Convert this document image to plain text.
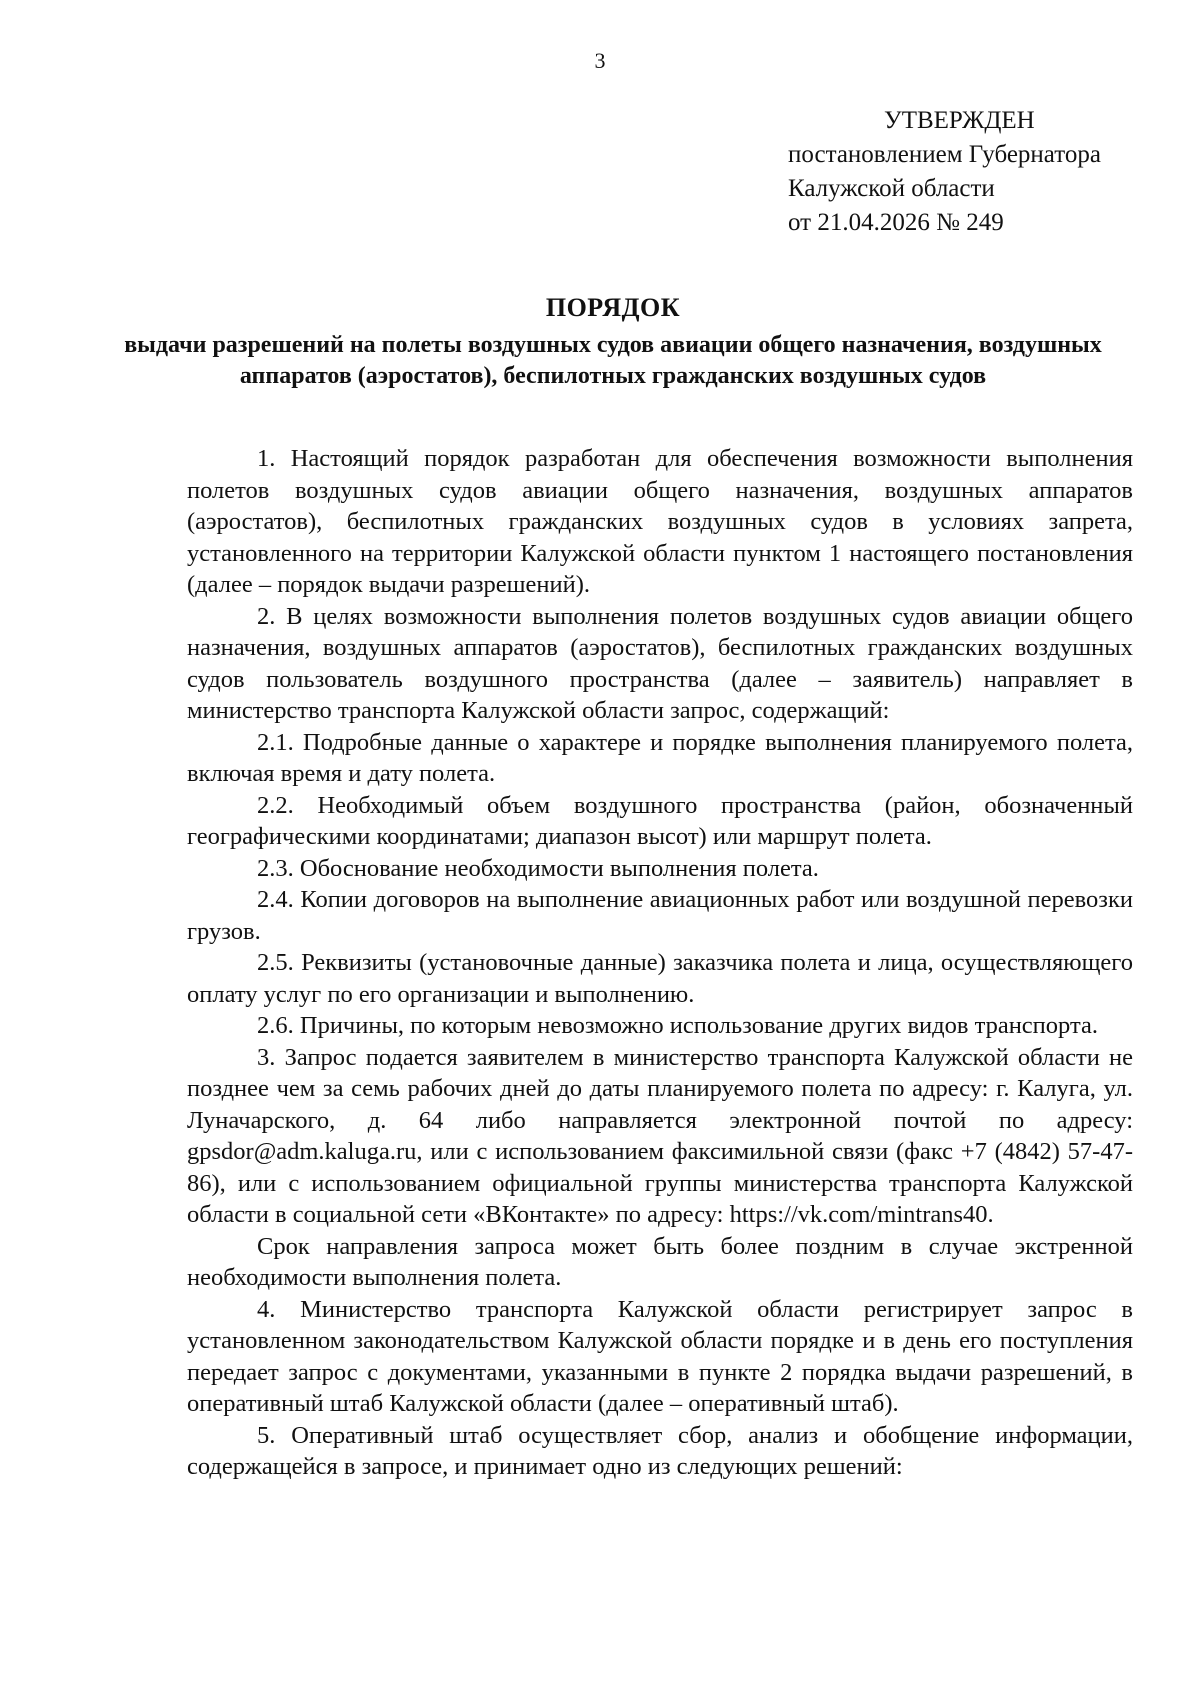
3
УТВЕРЖДЕН
постановлением Губернатора
Калужской области
от 21.04.2026 № 249
ПОРЯДОК
выдачи разрешений на полеты воздушных судов авиации общего назначения, воздушных аппаратов (аэростатов), беспилотных гражданских воздушных судов

1. Настоящий порядок разработан для обеспечения возможности выполнения полетов воздушных судов авиации общего назначения, воздушных аппаратов (аэростатов), беспилотных гражданских воздушных судов в условиях запрета, установленного на территории Калужской области пунктом 1 настоящего постановления (далее – порядок выдачи разрешений).

2. В целях возможности выполнения полетов воздушных судов авиации общего назначения, воздушных аппаратов (аэростатов), беспилотных гражданских воздушных судов пользователь воздушного пространства (далее – заявитель) направляет в министерство транспорта Калужской области запрос, содержащий:

2.1. Подробные данные о характере и порядке выполнения планируемого полета, включая время и дату полета.

2.2. Необходимый объем воздушного пространства (район, обозначенный географическими координатами; диапазон высот) или маршрут полета.

2.3. Обоснование необходимости выполнения полета.

2.4. Копии договоров на выполнение авиационных работ или воздушной перевозки грузов.

2.5. Реквизиты (установочные данные) заказчика полета и лица, осуществляющего оплату услуг по его организации и выполнению.

2.6. Причины, по которым невозможно использование других видов транспорта.

3. Запрос подается заявителем в министерство транспорта Калужской области не позднее чем за семь рабочих дней до даты планируемого полета по адресу: г. Калуга, ул. Луначарского, д. 64 либо направляется электронной почтой по адресу: gpsdor@adm.kaluga.ru, или с использованием факсимильной связи (факс +7 (4842) 57-47-86), или с использованием официальной группы министерства транспорта Калужской области в социальной сети «ВКонтакте» по адресу: https://vk.com/mintrans40.

Срок направления запроса может быть более поздним в случае экстренной необходимости выполнения полета.

4. Министерство транспорта Калужской области регистрирует запрос в установленном законодательством Калужской области порядке и в день его поступления передает запрос с документами, указанными в пункте 2 порядка выдачи разрешений, в оперативный штаб Калужской области (далее – оперативный штаб).

5. Оперативный штаб осуществляет сбор, анализ и обобщение информации, содержащейся в запросе, и принимает одно из следующих решений:
